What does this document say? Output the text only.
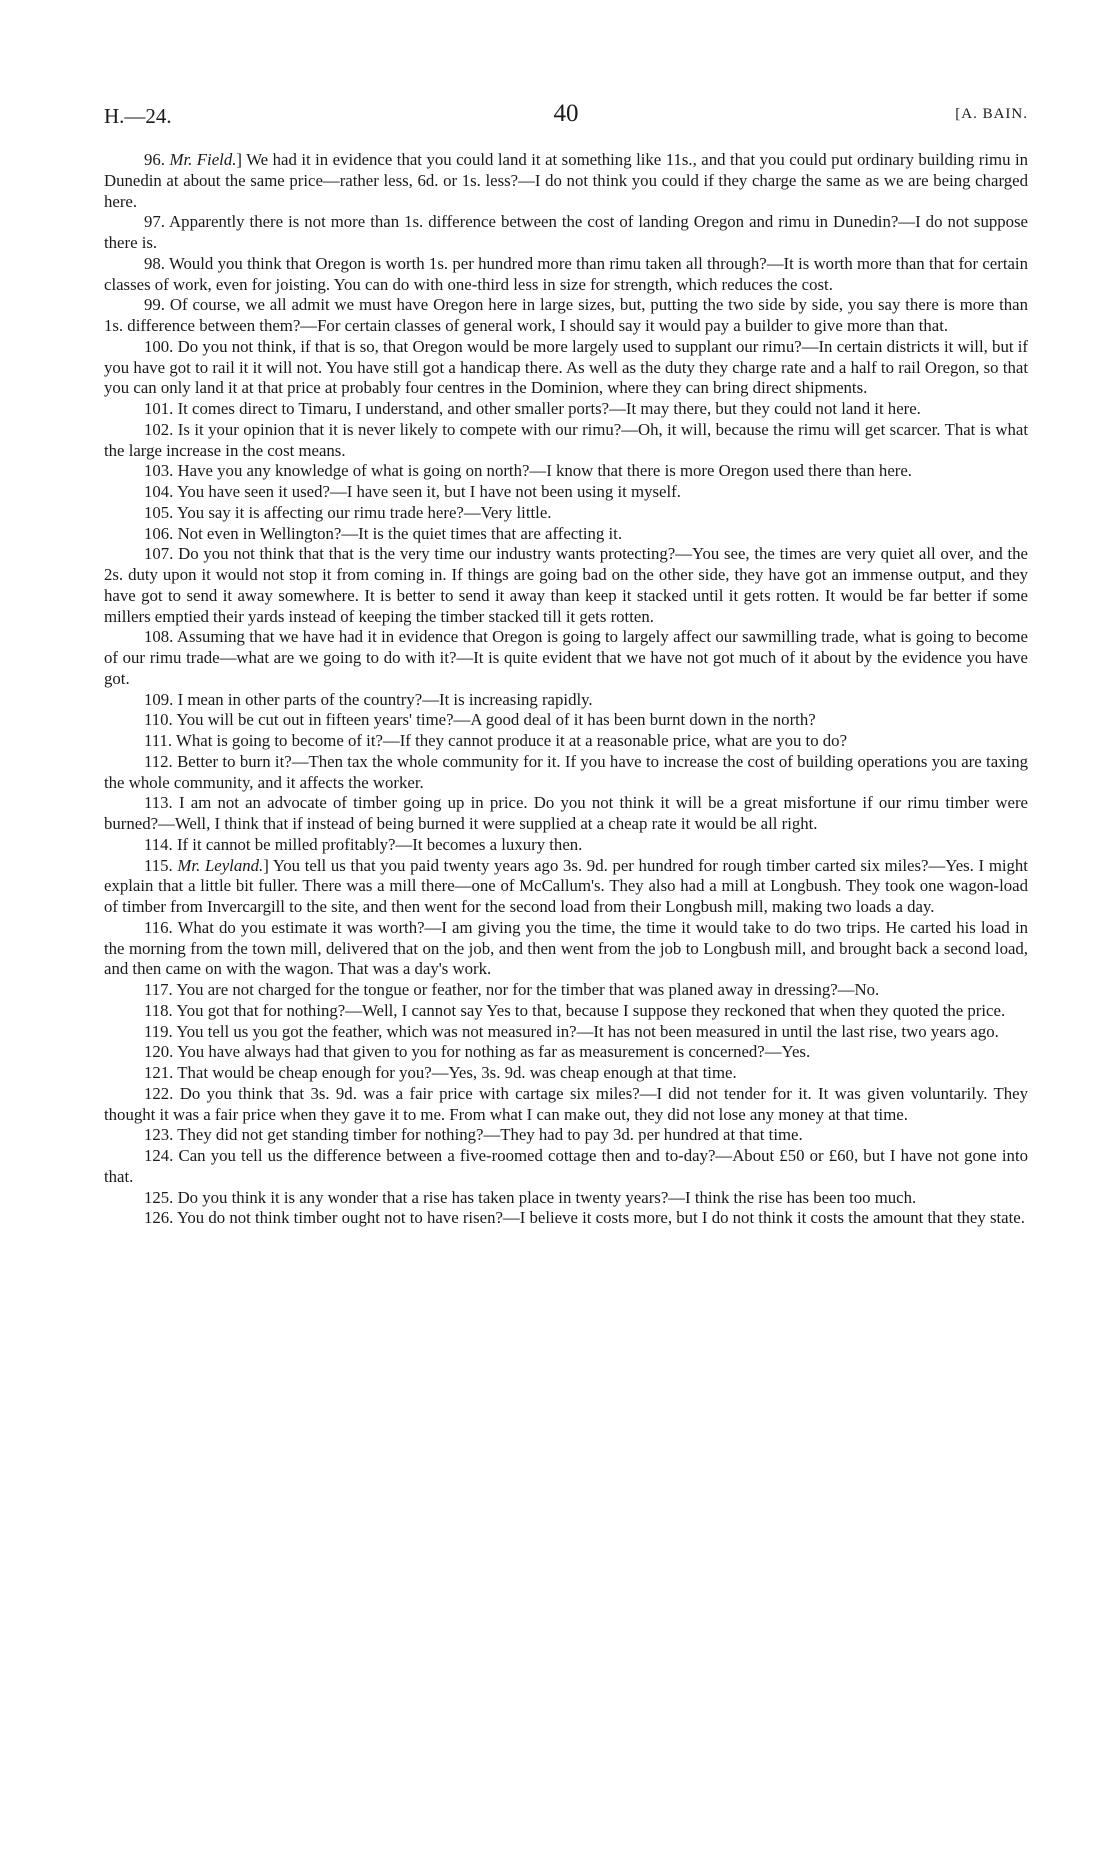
H.—24.	40	[A. BAIN.

96. Mr. Field.] We had it in evidence that you could land it at something like 11s., and that you could put ordinary building rimu in Dunedin at about the same price—rather less, 6d. or 1s. less?—I do not think you could if they charge the same as we are being charged here.

97. Apparently there is not more than 1s. difference between the cost of landing Oregon and rimu in Dunedin?—I do not suppose there is.

98. Would you think that Oregon is worth 1s. per hundred more than rimu taken all through?—It is worth more than that for certain classes of work, even for joisting. You can do with one-third less in size for strength, which reduces the cost.

99. Of course, we all admit we must have Oregon here in large sizes, but, putting the two side by side, you say there is more than 1s. difference between them?—For certain classes of general work, I should say it would pay a builder to give more than that.

100. Do you not think, if that is so, that Oregon would be more largely used to supplant our rimu?—In certain districts it will, but if you have got to rail it it will not. You have still got a handicap there. As well as the duty they charge rate and a half to rail Oregon, so that you can only land it at that price at probably four centres in the Dominion, where they can bring direct shipments.

101. It comes direct to Timaru, I understand, and other smaller ports?—It may there, but they could not land it here.

102. Is it your opinion that it is never likely to compete with our rimu?—Oh, it will, because the rimu will get scarcer. That is what the large increase in the cost means.

103. Have you any knowledge of what is going on north?—I know that there is more Oregon used there than here.

104. You have seen it used?—I have seen it, but I have not been using it myself.

105. You say it is affecting our rimu trade here?—Very little.

106. Not even in Wellington?—It is the quiet times that are affecting it.

107. Do you not think that that is the very time our industry wants protecting?—You see, the times are very quiet all over, and the 2s. duty upon it would not stop it from coming in. If things are going bad on the other side, they have got an immense output, and they have got to send it away somewhere. It is better to send it away than keep it stacked until it gets rotten. It would be far better if some millers emptied their yards instead of keeping the timber stacked till it gets rotten.

108. Assuming that we have had it in evidence that Oregon is going to largely affect our sawmilling trade, what is going to become of our rimu trade—what are we going to do with it?—It is quite evident that we have not got much of it about by the evidence you have got.

109. I mean in other parts of the country?—It is increasing rapidly.

110. You will be cut out in fifteen years' time?—A good deal of it has been burnt down in the north?

111. What is going to become of it?—If they cannot produce it at a reasonable price, what are you to do?

112. Better to burn it?—Then tax the whole community for it. If you have to increase the cost of building operations you are taxing the whole community, and it affects the worker.

113. I am not an advocate of timber going up in price. Do you not think it will be a great misfortune if our rimu timber were burned?—Well, I think that if instead of being burned it were supplied at a cheap rate it would be all right.

114. If it cannot be milled profitably?—It becomes a luxury then.

115. Mr. Leyland.] You tell us that you paid twenty years ago 3s. 9d. per hundred for rough timber carted six miles?—Yes. I might explain that a little bit fuller. There was a mill there—one of McCallum's. They also had a mill at Longbush. They took one wagon-load of timber from Invercargill to the site, and then went for the second load from their Longbush mill, making two loads a day.

116. What do you estimate it was worth?—I am giving you the time, the time it would take to do two trips. He carted his load in the morning from the town mill, delivered that on the job, and then went from the job to Longbush mill, and brought back a second load, and then came on with the wagon. That was a day's work.

117. You are not charged for the tongue or feather, nor for the timber that was planed away in dressing?—No.

118. You got that for nothing?—Well, I cannot say Yes to that, because I suppose they reckoned that when they quoted the price.

119. You tell us you got the feather, which was not measured in?—It has not been measured in until the last rise, two years ago.

120. You have always had that given to you for nothing as far as measurement is concerned?—Yes.

121. That would be cheap enough for you?—Yes, 3s. 9d. was cheap enough at that time.

122. Do you think that 3s. 9d. was a fair price with cartage six miles?—I did not tender for it. It was given voluntarily. They thought it was a fair price when they gave it to me. From what I can make out, they did not lose any money at that time.

123. They did not get standing timber for nothing?—They had to pay 3d. per hundred at that time.

124. Can you tell us the difference between a five-roomed cottage then and to-day?—About £50 or £60, but I have not gone into that.

125. Do you think it is any wonder that a rise has taken place in twenty years?—I think the rise has been too much.

126. You do not think timber ought not to have risen?—I believe it costs more, but I do not think it costs the amount that they state.
